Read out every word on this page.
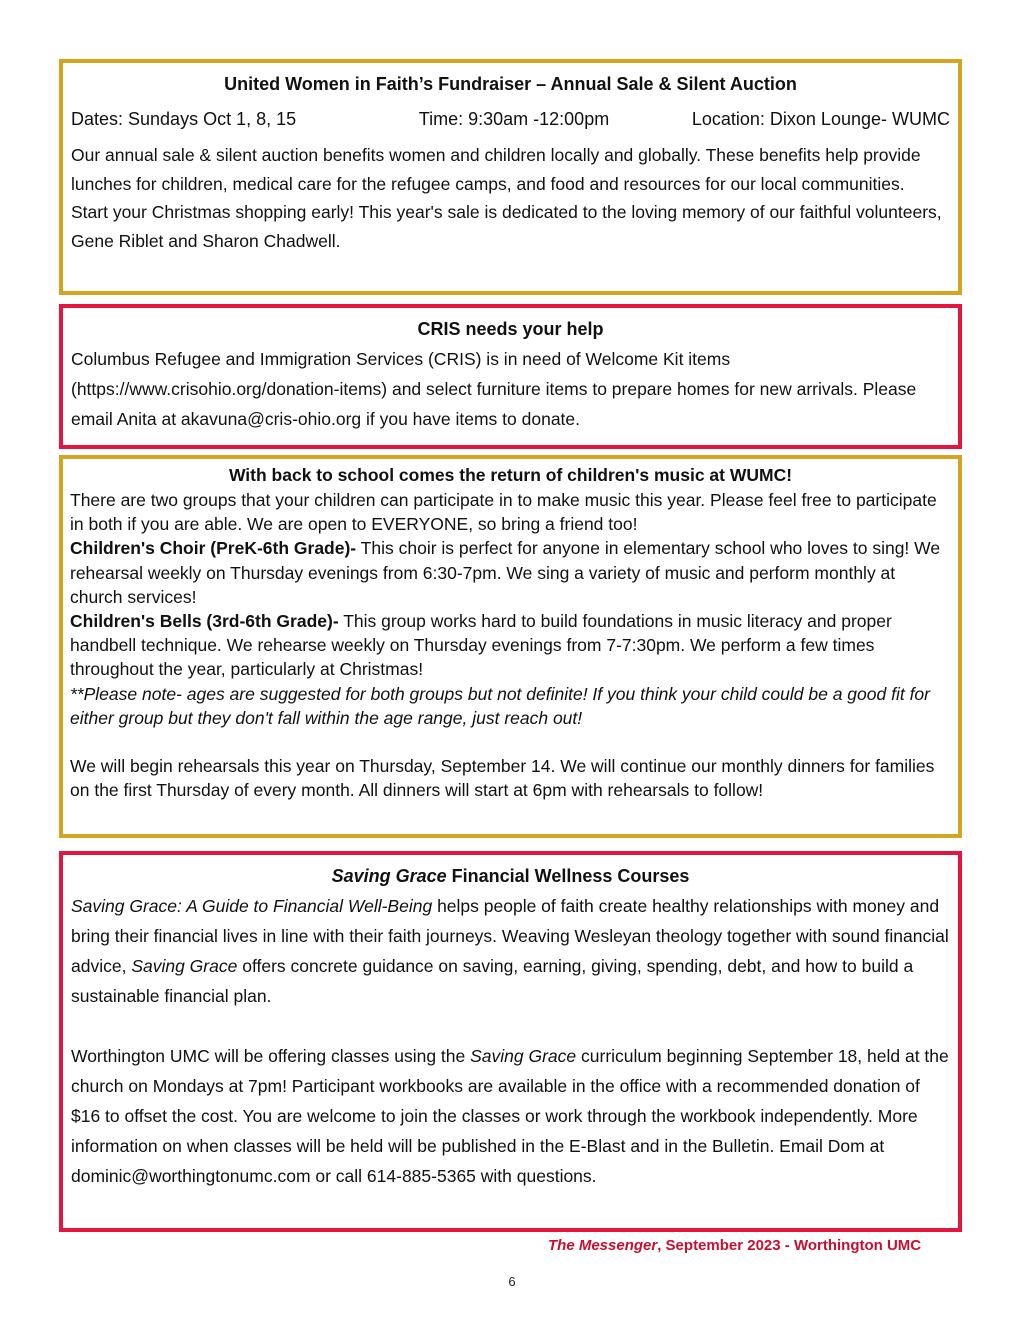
United Women in Faith’s Fundraiser – Annual Sale & Silent Auction
Dates: Sundays Oct 1, 8, 15	Time: 9:30am -12:00pm	Location: Dixon Lounge- WUMC

Our annual sale & silent auction benefits women and children locally and globally. These benefits help provide lunches for children, medical care for the refugee camps, and food and resources for our local communities.

Start your Christmas shopping early! This year's sale is dedicated to the loving memory of our faithful volunteers, Gene Riblet and Sharon Chadwell.

CRIS needs your help

Columbus Refugee and Immigration Services (CRIS) is in need of Welcome Kit items (https://www.crisohio.org/donation-items) and select furniture items to prepare homes for new arrivals. Please email Anita at akavuna@cris-ohio.org if you have items to donate.

With back to school comes the return of children's music at WUMC!

There are two groups that your children can participate in to make music this year. Please feel free to participate in both if you are able. We are open to EVERYONE, so bring a friend too!

Children's Choir (PreK-6th Grade)- This choir is perfect for anyone in elementary school who loves to sing! We rehearsal weekly on Thursday evenings from 6:30-7pm. We sing a variety of music and perform monthly at church services!

Children's Bells (3rd-6th Grade)- This group works hard to build foundations in music literacy and proper handbell technique. We rehearse weekly on Thursday evenings from 7-7:30pm. We perform a few times throughout the year, particularly at Christmas!

**Please note- ages are suggested for both groups but not definite! If you think your child could be a good fit for either group but they don't fall within the age range, just reach out!

We will begin rehearsals this year on Thursday, September 14. We will continue our monthly dinners for families on the first Thursday of every month. All dinners will start at 6pm with rehearsals to follow!

Saving Grace Financial Wellness Courses

Saving Grace: A Guide to Financial Well-Being helps people of faith create healthy relationships with money and bring their financial lives in line with their faith journeys. Weaving Wesleyan theology together with sound financial advice, Saving Grace offers concrete guidance on saving, earning, giving, spending, debt, and how to build a sustainable financial plan.

Worthington UMC will be offering classes using the Saving Grace curriculum beginning September 18, held at the church on Mondays at 7pm! Participant workbooks are available in the office with a recommended donation of $16 to offset the cost. You are welcome to join the classes or work through the workbook independently. More information on when classes will be held will be published in the E-Blast and in the Bulletin. Email Dom at dominic@worthingtonumc.com or call 614-885-5365 with questions.

The Messenger, September 2023 - Worthington UMC
6
